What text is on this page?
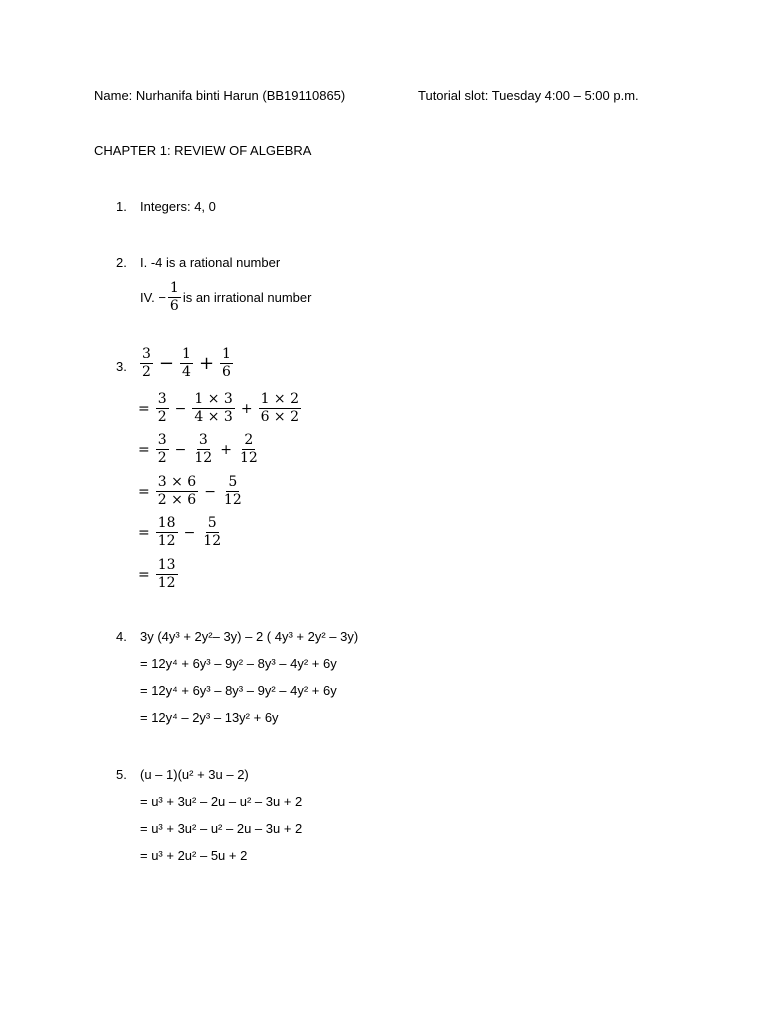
Name: Nurhanifa binti Harun (BB19110865)	Tutorial slot: Tuesday 4:00 – 5:00 p.m.
CHAPTER 1: REVIEW OF ALGEBRA
1. Integers: 4, 0
2. I. -4 is a rational number
IV. − $\frac{1}{6}$ is an irrational number
3. $\frac{3}{2} - \frac{1}{4} + \frac{1}{6}$
= $\frac{3}{2} - \frac{1 \times 3}{4 \times 3} + \frac{1 \times 2}{6 \times 2}$
= $\frac{3}{2} - \frac{3}{12} + \frac{2}{12}$
= $\frac{3 \times 6}{2 \times 6} - \frac{5}{12}$
= $\frac{18}{12} - \frac{5}{12}$
= $\frac{13}{12}$
4. 3y (4y³ + 2y²– 3y) – 2 ( 4y³ + 2y² – 3y)
= 12y⁴ + 6y³ – 9y² – 8y³ – 4y² + 6y
= 12y⁴ + 6y³ – 8y³ – 9y² – 4y² + 6y
= 12y⁴ – 2y³ – 13y² + 6y
5. (u – 1)(u² + 3u – 2)
= u³ + 3u² – 2u – u² – 3u + 2
= u³ + 3u² – u² – 2u – 3u + 2
= u³ + 2u² – 5u + 2
